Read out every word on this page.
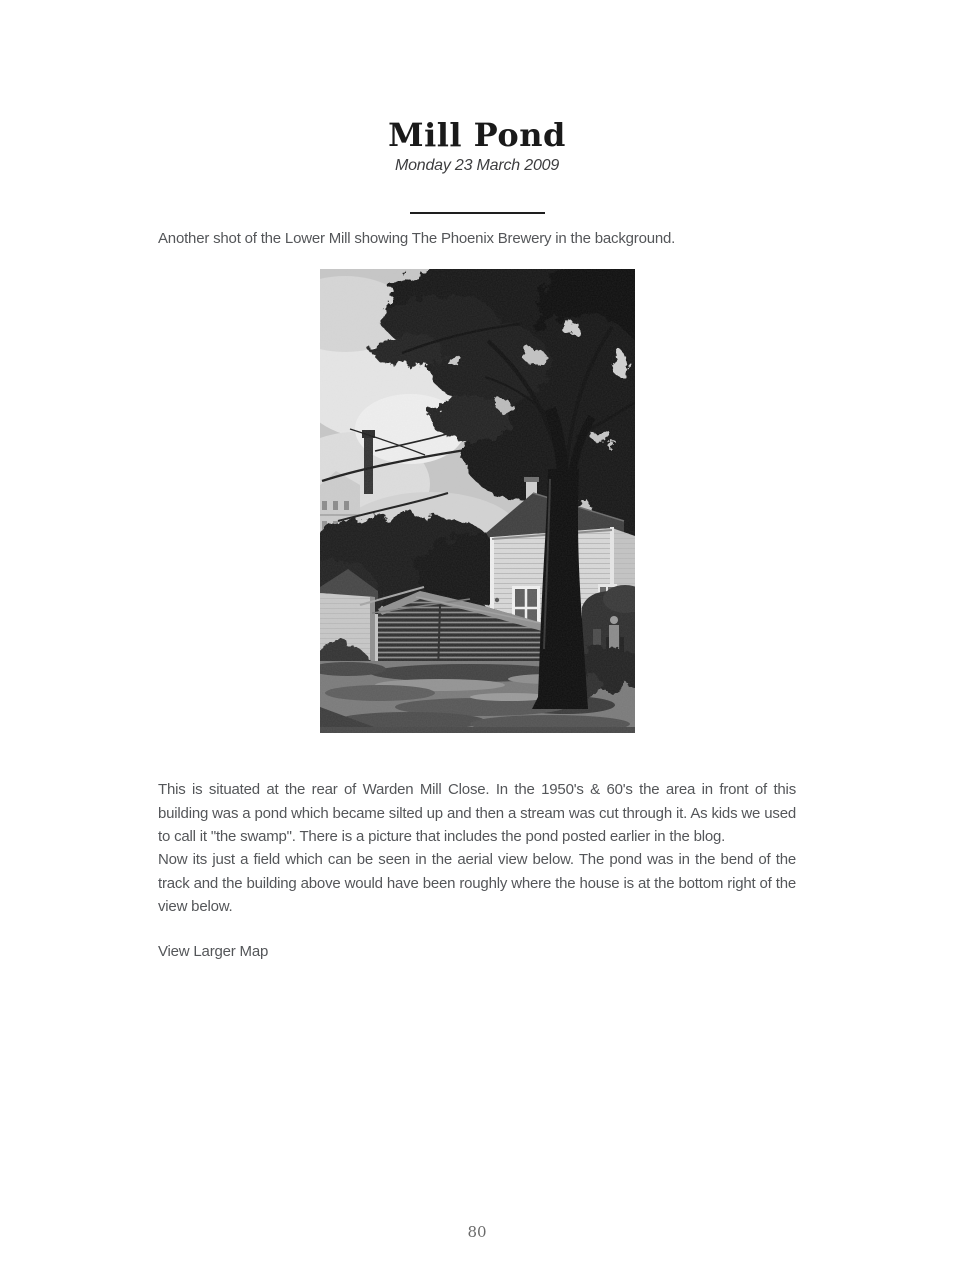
Mill Pond
Monday 23 March 2009

Another shot of the Lower Mill showing The Phoenix Brewery in the background.

This is situated at the rear of Warden Mill Close. In the 1950's & 60's the area in front of this building was a pond which became silted up and then a stream was cut through it. As kids we used to call it "the swamp". There is a picture that includes the pond posted earlier in the blog.

Now its just a field which can be seen in the aerial view below. The pond was in the bend of the track and the building above would have been roughly where the house is at the bottom right of the view below.

View Larger Map

80
